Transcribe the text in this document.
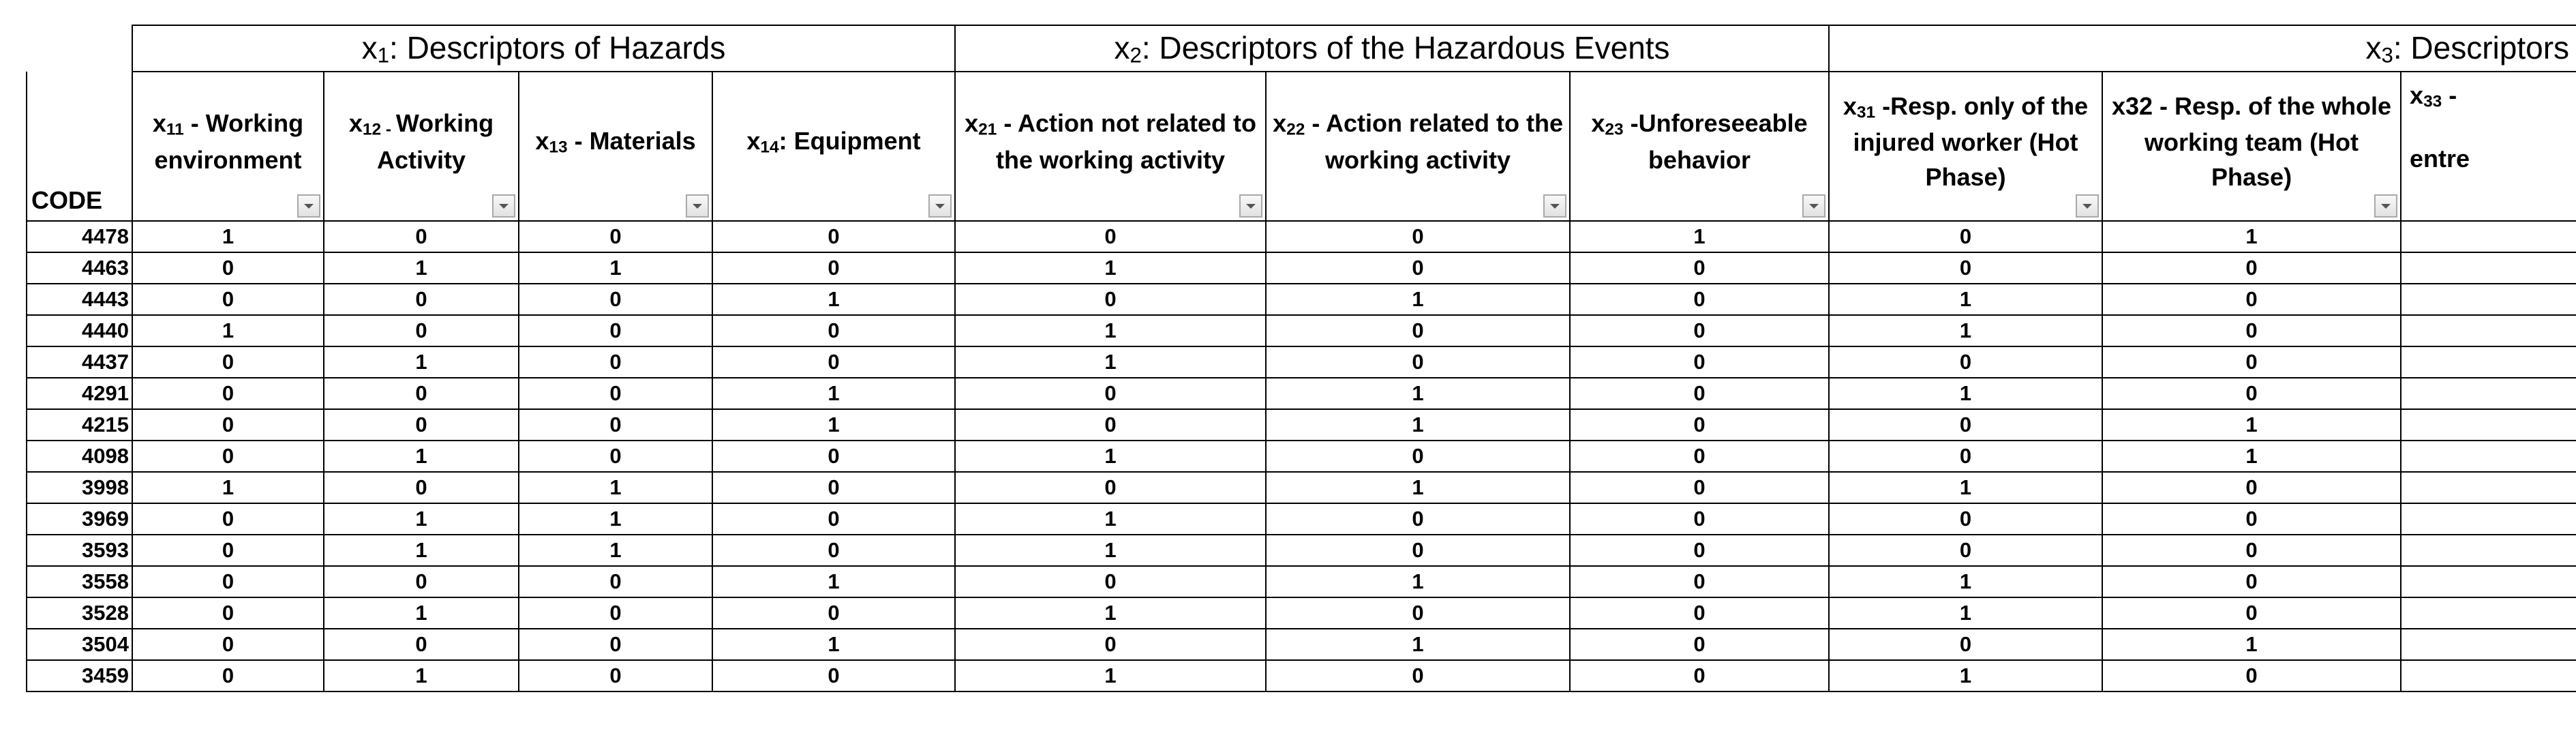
	x1: Descriptors of Hazards				x2: Descriptors of the Hazardous Events			x3: Descriptors		
CODE	x11 - Working environment	x12 - Working Activity	x13 - Materials	x14: Equipment	x21 - Action not related to the working activity	x22 - Action related to the working activity	x23 -Unforeseeable behavior	x31 -Resp. only of the injured worker (Hot Phase)	x32 - Resp. of the whole working team (Hot Phase)	x33 -
entre

4478	1	0	0	0	0	0	1	0	1	
4463	0	1	1	0	1	0	0	0	0	
4443	0	0	0	1	0	1	0	1	0	
4440	1	0	0	0	1	0	0	1	0	
4437	0	1	0	0	1	0	0	0	0	
4291	0	0	0	1	0	1	0	1	0	
4215	0	0	0	1	0	1	0	0	1	
4098	0	1	0	0	1	0	0	0	1	
3998	1	0	1	0	0	1	0	1	0	
3969	0	1	1	0	1	0	0	0	0	
3593	0	1	1	0	1	0	0	0	0	
3558	0	0	0	1	0	1	0	1	0	
3528	0	1	0	0	1	0	0	1	0	
3504	0	0	0	1	0	1	0	0	1	
3459	0	1	0	0	1	0	0	1	0	
